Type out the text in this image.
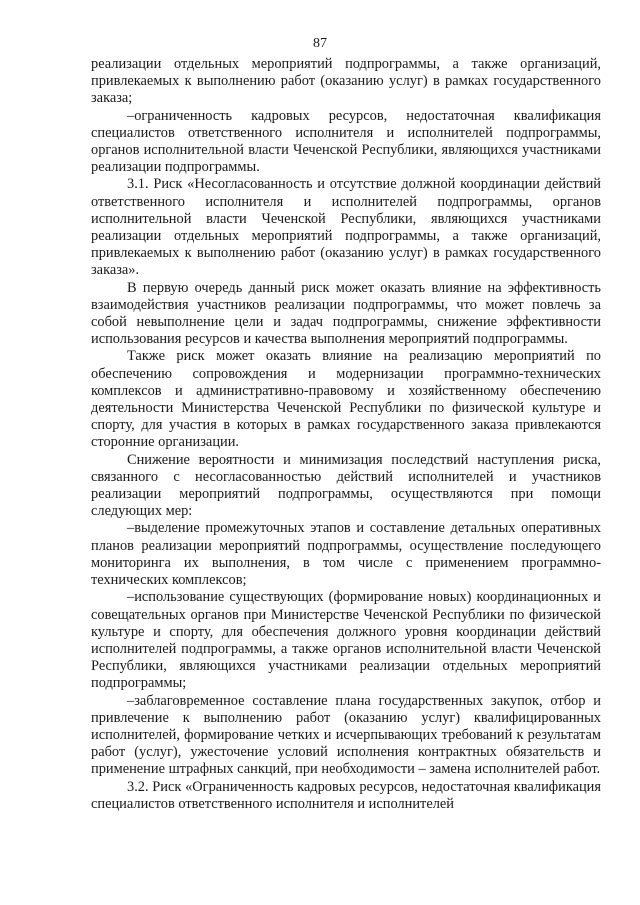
87

реализации отдельных мероприятий подпрограммы, а также организаций, привлекаемых к выполнению работ (оказанию услуг) в рамках государственного заказа;

–ограниченность кадровых ресурсов, недостаточная квалификация специалистов ответственного исполнителя и исполнителей подпрограммы, органов исполнительной власти Чеченской Республики, являющихся участниками реализации подпрограммы.

3.1. Риск «Несогласованность и отсутствие должной координации действий ответственного исполнителя и исполнителей подпрограммы, органов исполнительной власти Чеченской Республики, являющихся участниками реализации отдельных мероприятий подпрограммы, а также организаций, привлекаемых к выполнению работ (оказанию услуг) в рамках государственного заказа».

В первую очередь данный риск может оказать влияние на эффективность взаимодействия участников реализации подпрограммы, что может повлечь за собой невыполнение цели и задач подпрограммы, снижение эффективности использования ресурсов и качества выполнения мероприятий подпрограммы.

Также риск может оказать влияние на реализацию мероприятий по обеспечению сопровождения и модернизации программно-технических комплексов и административно-правовому и хозяйственному обеспечению деятельности Министерства Чеченской Республики по физической культуре и спорту, для участия в которых в рамках государственного заказа привлекаются сторонние организации.

Снижение вероятности и минимизация последствий наступления риска, связанного с несогласованностью действий исполнителей и участников реализации мероприятий подпрограммы, осуществляются при помощи следующих мер:

–выделение промежуточных этапов и составление детальных оперативных планов реализации мероприятий подпрограммы, осуществление последующего мониторинга их выполнения, в том числе с применением программно-технических комплексов;

–использование существующих (формирование новых) координационных и совещательных органов при Министерстве Чеченской Республики по физической культуре и спорту, для обеспечения должного уровня координации действий исполнителей подпрограммы, а также органов исполнительной власти Чеченской Республики, являющихся участниками реализации отдельных мероприятий подпрограммы;

–заблаговременное составление плана государственных закупок, отбор и привлечение к выполнению работ (оказанию услуг) квалифицированных исполнителей, формирование четких и исчерпывающих требований к результатам работ (услуг), ужесточение условий исполнения контрактных обязательств и применение штрафных санкций, при необходимости – замена исполнителей работ.

3.2. Риск «Ограниченность кадровых ресурсов, недостаточная квалификация специалистов ответственного исполнителя и исполнителей
